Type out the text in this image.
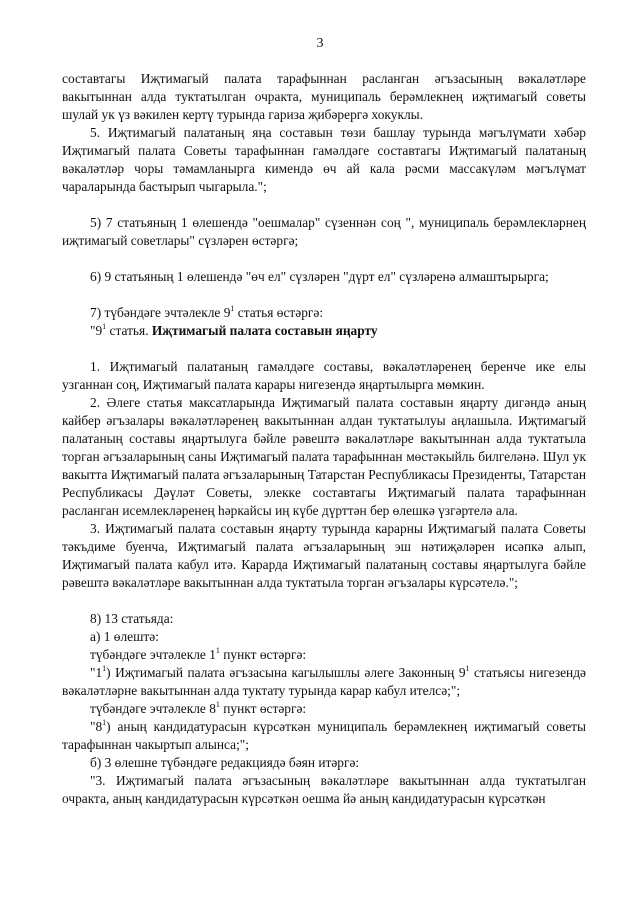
3

составтагы Иҗтимагый палата тарафыннан расланган әгъзасының вәкаләтләре вакытыннан алда туктатылган очракта, муниципаль берәмлекнең иҗтимагый советы шулай ук үз вәкилен кертү турында гариза җибәрергә хокуклы.

5. Иҗтимагый палатаның яңа составын төзи башлау турында мәгълүмати хәбәр Иҗтимагый палата Советы тарафыннан гамәлдәге составтагы Иҗтимагый палатаның вәкаләтләр чоры тәмамланырга кимендә өч ай кала рәсми массакүләм мәгълүмат чараларында бастырып чыгарыла.";

5) 7 статьяның 1 өлешендә "оешмалар" сүзеннән соң ", муниципаль берәмлекләрнең иҗтимагый советлары" сүзләрен өстәргә;

6) 9 статьяның 1 өлешендә "өч ел" сүзләрен "дүрт ел" сүзләренә алмаштырырга;

7) түбәндәге эчтәлекле $9^1$ статья өстәргә:

"$9^1$ статья. Иҗтимагый палата составын яңарту

1. Иҗтимагый палатаның гамәлдәге составы, вәкаләтләренең беренче ике елы узганнан соң, Иҗтимагый палата карары нигезендә яңартылырга мөмкин.

2. Әлеге статья максатларында Иҗтимагый палата составын яңарту дигәндә аның кайбер әгъзалары вәкаләтләренең вакытыннан алдан туктатылуы аңлашыла. Иҗтимагый палатаның составы яңартылуга бәйле рәвештә вәкаләтләре вакытыннан алда туктатыла торган әгъзаларының саны Иҗтимагый палата тарафыннан мөстәкыйль билгеләнә. Шул ук вакытта Иҗтимагый палата әгъзаларының Татарстан Республикасы Президенты, Татарстан Республикасы Дәүләт Советы, элеккe составтагы Иҗтимагый палата тарафыннан расланган исемлекләренең һәркайсы иң күбе дүрттән бер өлешкә үзгәртелә ала.

3. Иҗтимагый палата составын яңарту турында карарны Иҗтимагый палата Советы тәкъдиме буенча, Иҗтимагый палата әгъзаларының эш нәтиҗәләрен исәпкә алып, Иҗтимагый палата кабул итә. Карарда Иҗтимагый палатаның составы яңартылуга бәйле рәвештә вәкаләтләре вакытыннан алда туктатыла торган әгъзалары күрсәтелә.";

8) 13 статьяда:

а) 1 өлештә:

түбәндәге эчтәлекле $1^1$ пункт өстәргә:

"$1^1$) Иҗтимагый палата әгъзасына кагылышлы әлеге Законның $9^1$ статьясы нигезендә вәкаләтләрне вакытыннан алда туктату турында карар кабул ителсә;";

түбәндәге эчтәлекле $8^1$ пункт өстәргә:

"$8^1$) аның кандидатурасын күрсәткән муниципаль берәмлекнең иҗтимагый советы тарафыннан чакыртып алынса;";

б) 3 өлешне түбәндәге редакциядә бәян итәргә:

"3. Иҗтимагый палата әгъзасының вәкаләтләре вакытыннан алда туктатылган очракта, аның кандидатурасын күрсәткән оешма йә аның кандидатурасын күрсәткән
